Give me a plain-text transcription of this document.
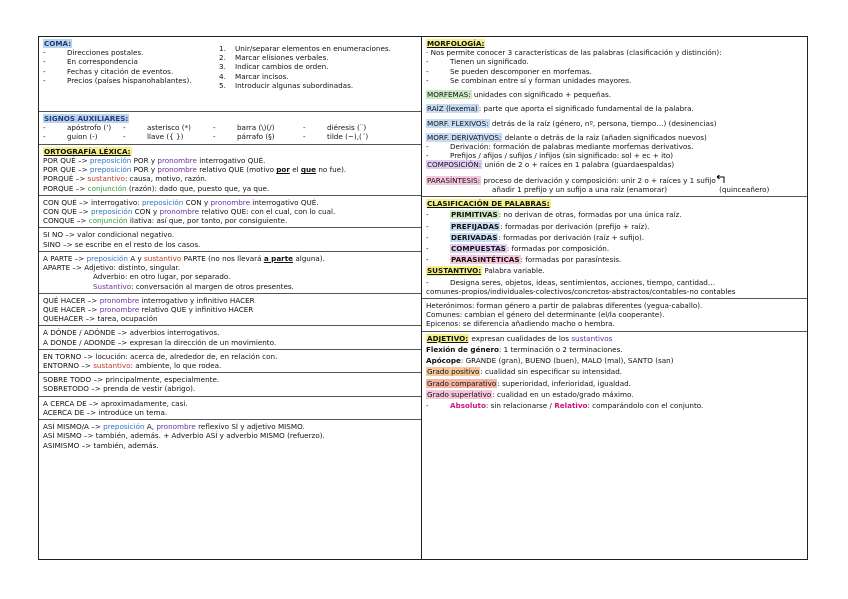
COMA:
-	Direcciones postales.
-	En correspondencia
-	Fechas y citación de eventos.
-	Precios (países hispanohablantes).
1. Unir/separar elementos en enumeraciones.
2. Marcar elisiones verbales.
3. Indicar cambios de orden.
4. Marcar incisos.
5. Introducir algunas subordinadas.
SIGNOS AUXILIARES:
-	apóstrofo (’)	-	asterisco (*)	-	barra (\)(/)	-	diéresis (¨)
-	guion (-)	-	llave ({ })	-	párrafo (§)	-	tilde (~),(´)
ORTOGRAFÍA LÉXICA:
POR QUÉ –> preposición POR y pronombre interrogativo QUÉ.
POR QUE –> preposición POR y pronombre relativo QUE (motivo por el que no fue).
PORQUÉ –> sustantivo: causa, motivo, razón.
PORQUE –> conjunción (razón): dado que, puesto que, ya que.
CON QUÉ –> interrogativo: preposición CON y pronombre interrogativo QUÉ.
CON QUE –> preposición CON y pronombre relativo QUE: con el cual, con lo cual.
CONQUE –> conjunción ilativa: así que, por tanto, por consiguiente.
SI NO –> valor condicional negativo.
SINO –> se escribe en el resto de los casos.
A PARTE –> preposición A y sustantivo PARTE (no nos llevará a parte alguna).
APARTE –> Adjetivo: distinto, singular.
Adverbio: en otro lugar, por separado.
Sustantivo: conversación al margen de otros presentes.
QUÉ HACER –> pronombre interrogativo y infinitivo HACER
QUE HACER –> pronombre relativo QUE y infinitivo HACER
QUEHACER –> tarea, ocupación
A DÓNDE / ADÓNDE –> adverbios interrogativos.
A DONDE / ADONDE –> expresan la dirección de un movimiento.
EN TORNO –> locución: acerca de, alrededor de, en relación con.
ENTORNO –> sustantivo: ambiente, lo que rodea.
SOBRE TODO –> principalmente, especialmente.
SOBRETODO –> prenda de vestir (abrigo).
A CERCA DE –> aproximadamente, casi.
ACERCA DE –> introduce un tema.
ASÍ MISMO/A –> preposición A, pronombre reflexivo SÍ y adjetivo MISMO.
ASÍ MISMO –> también, además. + Adverbio ASÍ y adverbio MISMO (refuerzo).
ASIMISMO –> también, además.
MORFOLOGÍA:
· Nos permite conocer 3 características de las palabras (clasificación y distinción):
-	Tienen un significado.
-	Se pueden descomponer en morfemas.
-	Se combinan entre sí y forman unidades mayores.
MORFEMAS: unidades con significado + pequeñas.
RAÍZ (lexema): parte que aporta el significado fundamental de la palabra.
MORF. FLEXIVOS: detrás de la raíz (género, nº, persona, tiempo…) (desinencias)
MORF. DERIVATIVOS: delante o detrás de la raíz (añaden significados nuevos)
-	Derivación: formación de palabras mediante morfemas derivativos.
-	Prefijos / afijos / sufijos / infijos (sin significado: sol + ec + ito)
COMPOSICIÓN: unión de 2 o + raíces en 1 palabra (guardaespaldas)
PARASÍNTESIS: proceso de derivación y composición: unir 2 o + raíces y 1 sufijo
añadir 1 prefijo y un sufijo a una raíz (enamorar)	(quinceañero)
CLASIFICACIÓN DE PALABRAS:
-	PRIMITIVAS: no derivan de otras, formadas por una única raíz.
-	PREFIJADAS: formadas por derivación (prefijo + raíz).
-	DERIVADAS: formadas por derivación (raíz + sufijo).
-	COMPUESTAS: formadas por composición.
-	PARASINTÉTICAS: formadas por parasíntesis.
SUSTANTIVO: Palabra variable.
-	Designa seres, objetos, ideas, sentimientos, acciones, tiempo, cantidad…
comunes-propios/individuales-colectivos/concretos-abstractos/contables-no contables
Heterónimos: forman género a partir de palabras diferentes (yegua-caballo).
Comunes: cambian el género del determinante (el/la cooperante).
Epicenos: se diferencia añadiendo macho o hembra.
ADJETIVO: expresan cualidades de los sustantivos
Flexión de género: 1 terminación o 2 terminaciones.
Apócope: GRANDE (gran), BUENO (buen), MALO (mal), SANTO (san)
Grado positivo: cualidad sin especificar su intensidad.
Grado comparativo: superioridad, inferioridad, igualdad.
Grado superlativo: cualidad en un estado/grado máximo.
-	Absoluto: sin relacionarse / Relativo: comparándolo con el conjunto.
